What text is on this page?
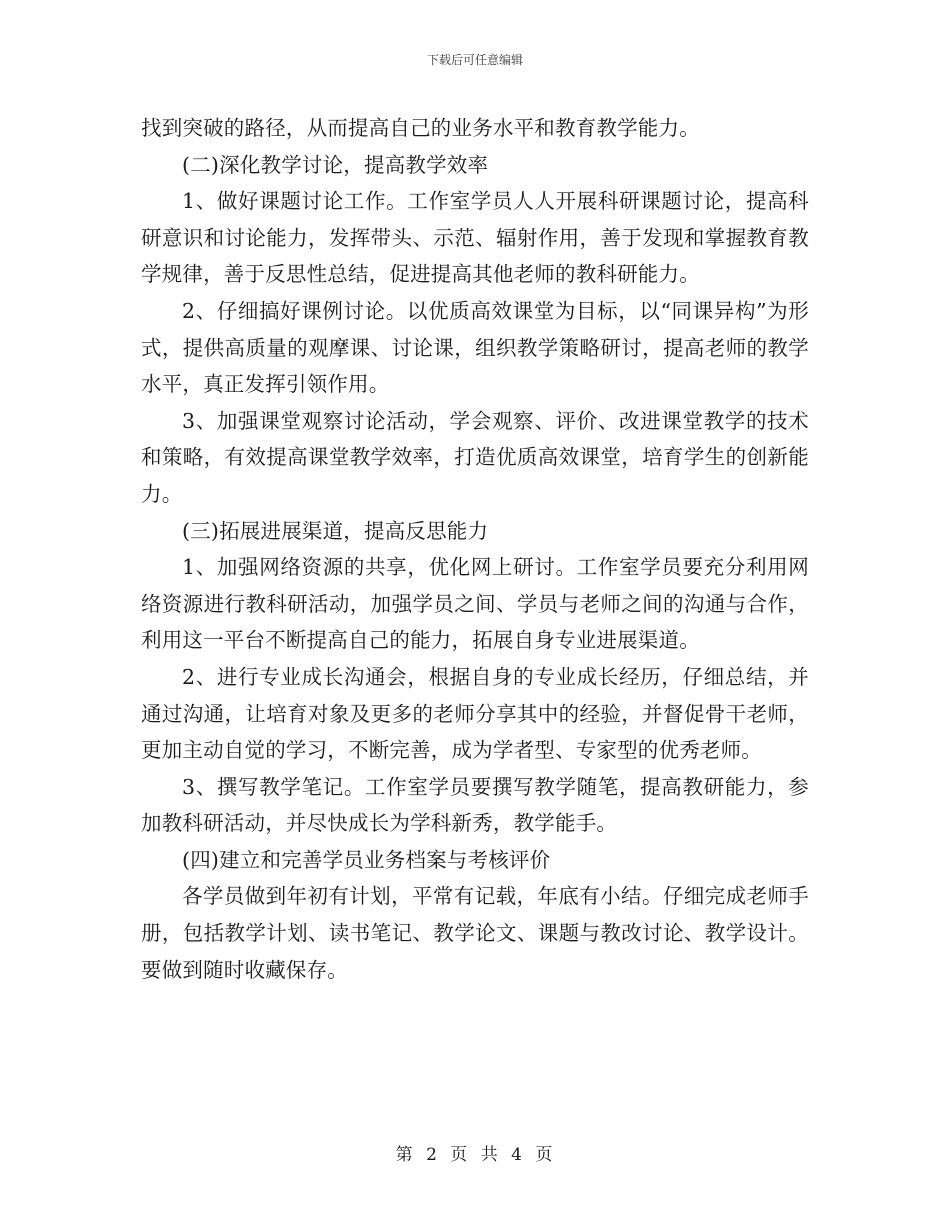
下载后可任意编辑

找到突破的路径，从而提高自己的业务水平和教育教学能力。

(二)深化教学讨论，提高教学效率

1、做好课题讨论工作。工作室学员人人开展科研课题讨论，提高科研意识和讨论能力，发挥带头、示范、辐射作用，善于发现和掌握教育教学规律，善于反思性总结，促进提高其他老师的教科研能力。

2、仔细搞好课例讨论。以优质高效课堂为目标，以“同课异构”为形式，提供高质量的观摩课、讨论课，组织教学策略研讨，提高老师的教学水平，真正发挥引领作用。

3、加强课堂观察讨论活动，学会观察、评价、改进课堂教学的技术和策略，有效提高课堂教学效率，打造优质高效课堂，培育学生的创新能力。

(三)拓展进展渠道，提高反思能力

1、加强网络资源的共享，优化网上研讨。工作室学员要充分利用网络资源进行教科研活动，加强学员之间、学员与老师之间的沟通与合作，利用这一平台不断提高自己的能力，拓展自身专业进展渠道。

2、进行专业成长沟通会，根据自身的专业成长经历，仔细总结，并通过沟通，让培育对象及更多的老师分享其中的经验，并督促骨干老师，更加主动自觉的学习，不断完善，成为学者型、专家型的优秀老师。

3、撰写教学笔记。工作室学员要撰写教学随笔，提高教研能力，参加教科研活动，并尽快成长为学科新秀，教学能手。

(四)建立和完善学员业务档案与考核评价

各学员做到年初有计划，平常有记载，年底有小结。仔细完成老师手册，包括教学计划、读书笔记、教学论文、课题与教改讨论、教学设计。要做到随时收藏保存。

第 2 页 共 4 页
